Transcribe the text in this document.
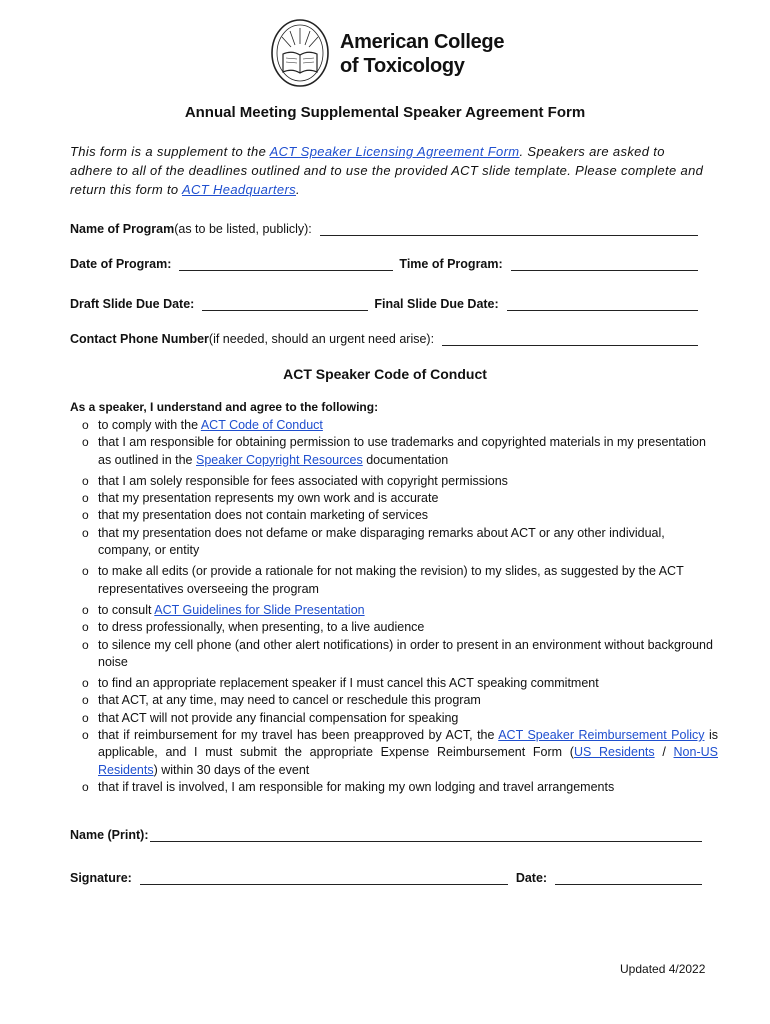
American College
of Toxicology
Annual Meeting Supplemental Speaker Agreement Form
This form is a supplement to the ACT Speaker Licensing Agreement Form. Speakers are asked to adhere to all of the deadlines outlined and to use the provided ACT slide template. Please complete and return this form to ACT Headquarters.
Name of Program (as to be listed, publicly):
Date of Program:	Time of Program:
Draft Slide Due Date:	Final Slide Due Date:
Contact Phone Number (if needed, should an urgent need arise):
ACT Speaker Code of Conduct
As a speaker, I understand and agree to the following:
o to comply with the ACT Code of Conduct
o that I am responsible for obtaining permission to use trademarks and copyrighted materials in my presentation as outlined in the Speaker Copyright Resources documentation
o that I am solely responsible for fees associated with copyright permissions
o that my presentation represents my own work and is accurate
o that my presentation does not contain marketing of services
o that my presentation does not defame or make disparaging remarks about ACT or any other individual, company, or entity
o to make all edits (or provide a rationale for not making the revision) to my slides, as suggested by the ACT representatives overseeing the program
o to consult ACT Guidelines for Slide Presentation
o to dress professionally, when presenting, to a live audience
o to silence my cell phone (and other alert notifications) in order to present in an environment without background noise
o to find an appropriate replacement speaker if I must cancel this ACT speaking commitment
o that ACT, at any time, may need to cancel or reschedule this program
o that ACT will not provide any financial compensation for speaking
o that if reimbursement for my travel has been preapproved by ACT, the ACT Speaker Reimbursement Policy is applicable, and I must submit the appropriate Expense Reimbursement Form (US Residents / Non-US Residents) within 30 days of the event
o that if travel is involved, I am responsible for making my own lodging and travel arrangements
Name (Print):
Signature:	Date:
Updated 4/2022
